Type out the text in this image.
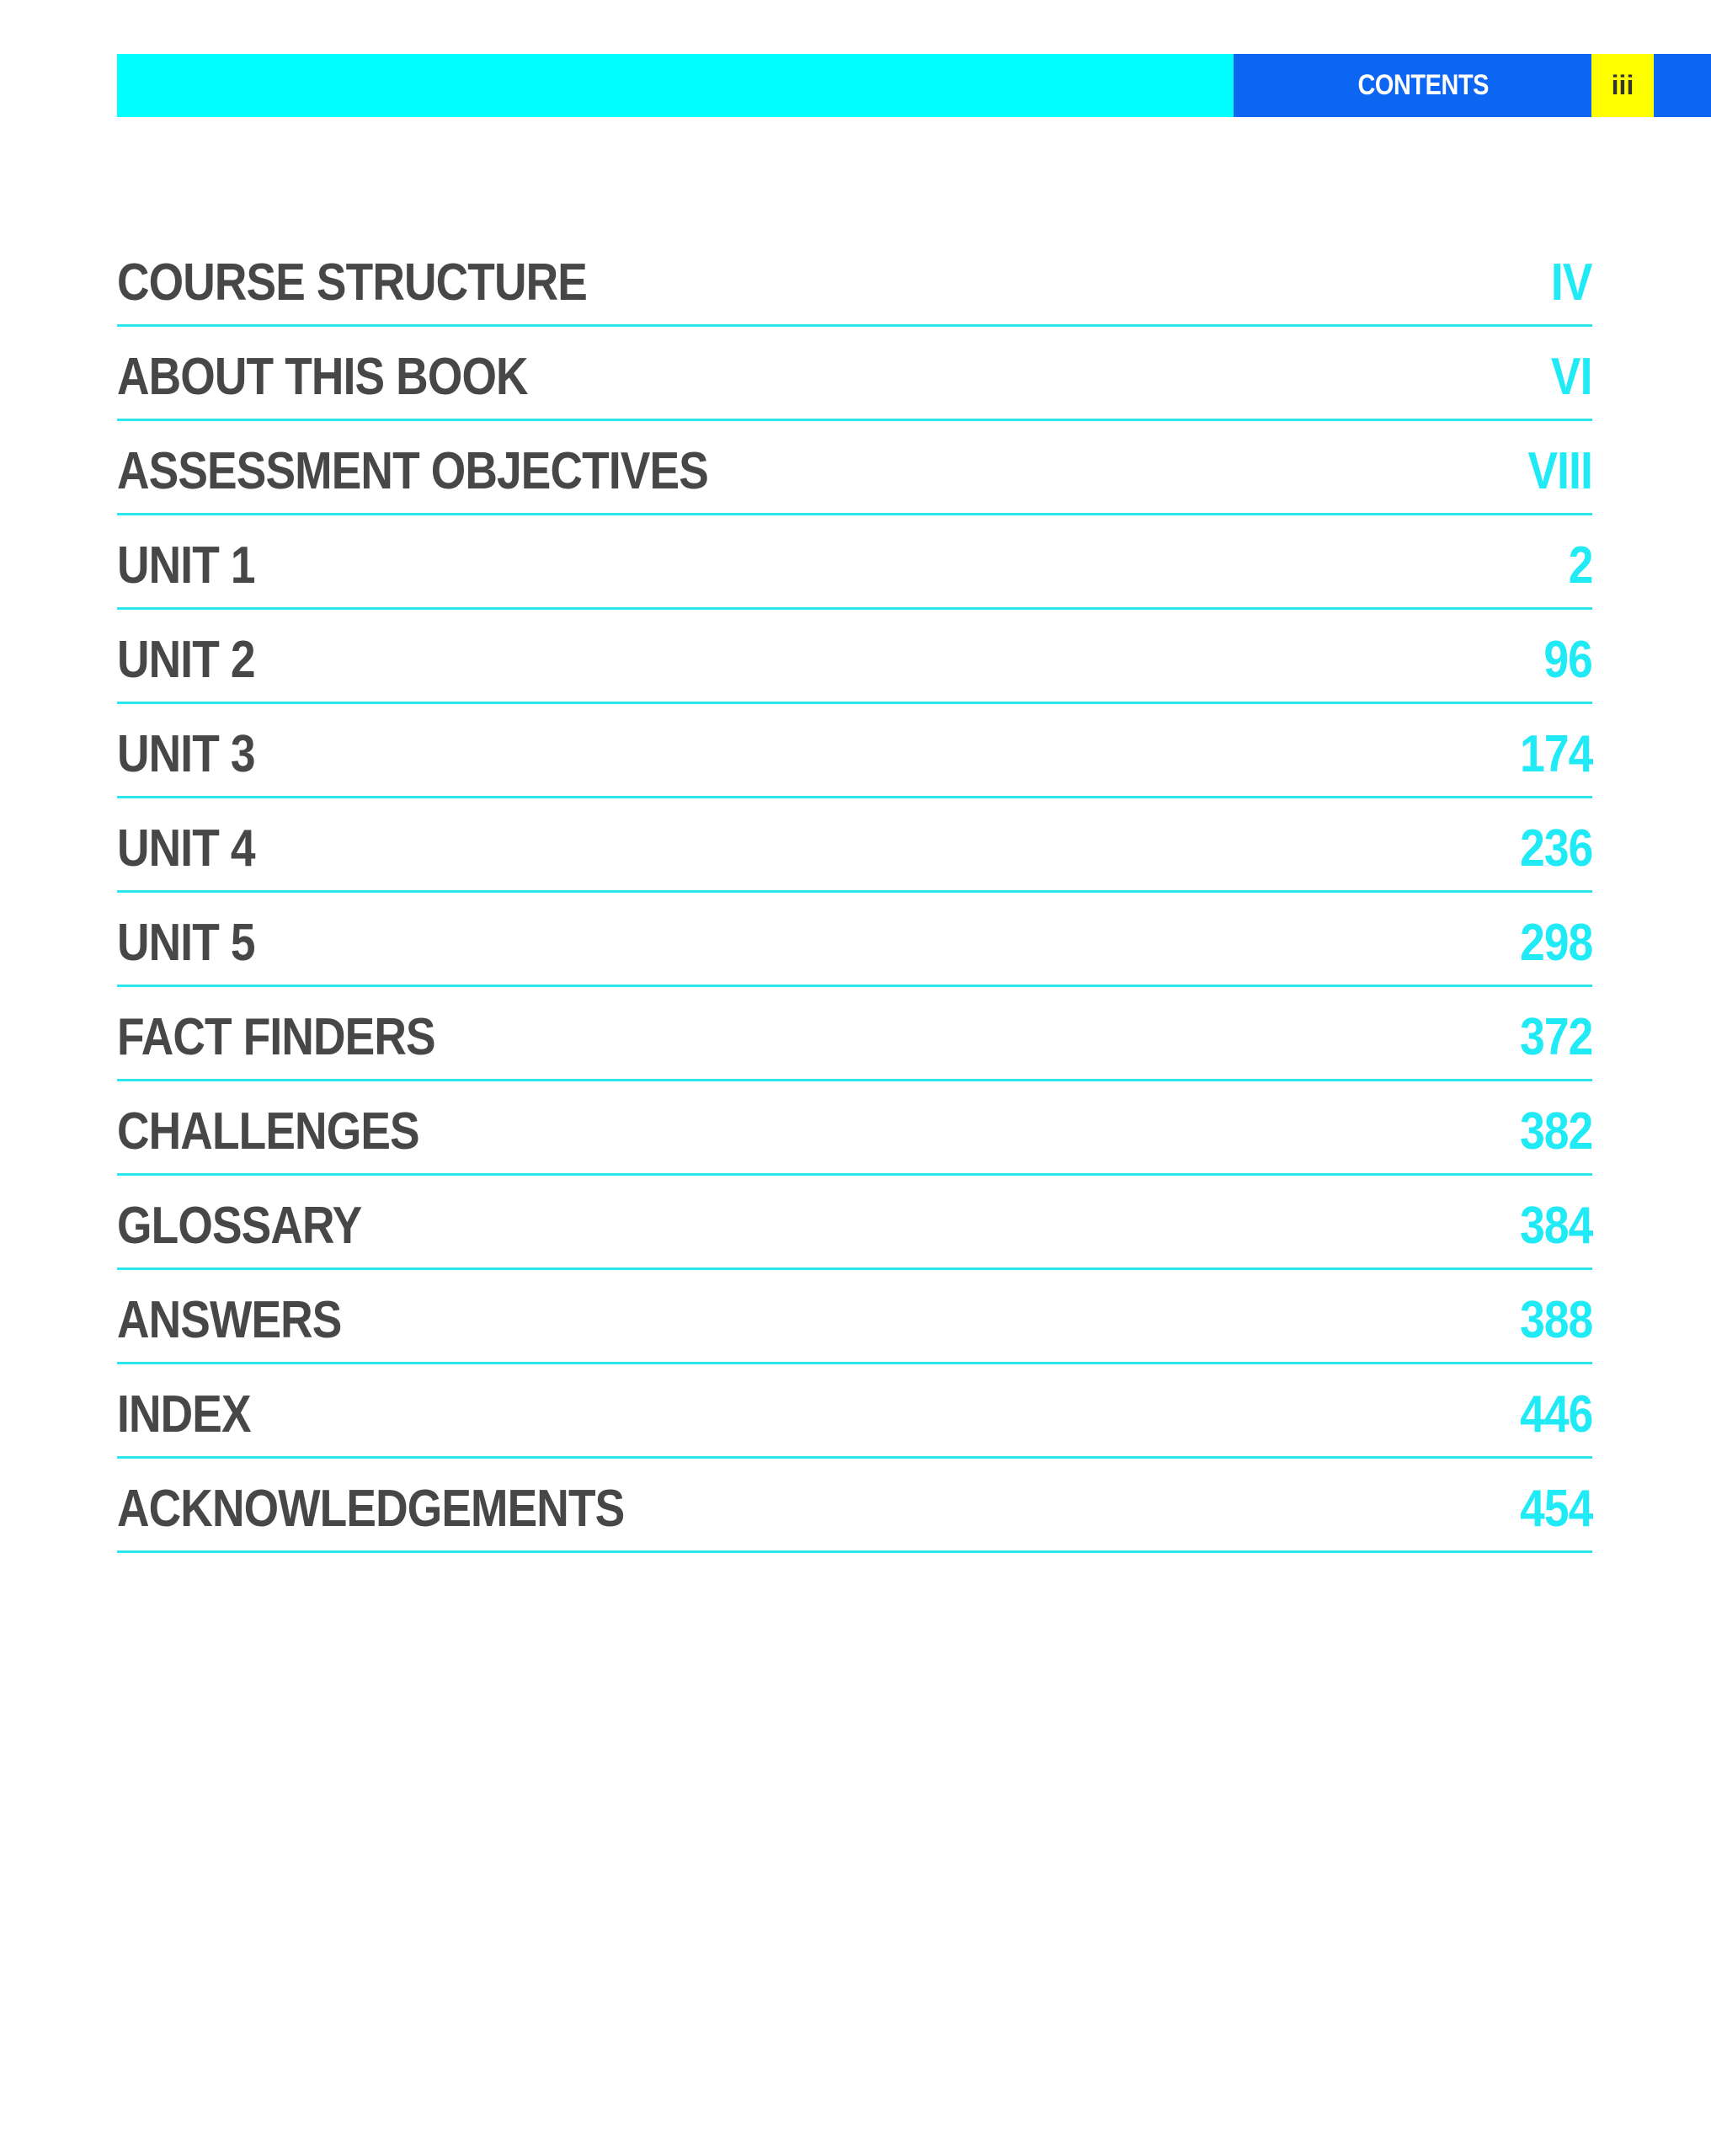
CONTENTS	iii
COURSE STRUCTURE	IV
ABOUT THIS BOOK	VI
ASSESSMENT OBJECTIVES	VIII
UNIT 1	2
UNIT 2	96
UNIT 3	174
UNIT 4	236
UNIT 5	298
FACT FINDERS	372
CHALLENGES	382
GLOSSARY	384
ANSWERS	388
INDEX	446
ACKNOWLEDGEMENTS	454
